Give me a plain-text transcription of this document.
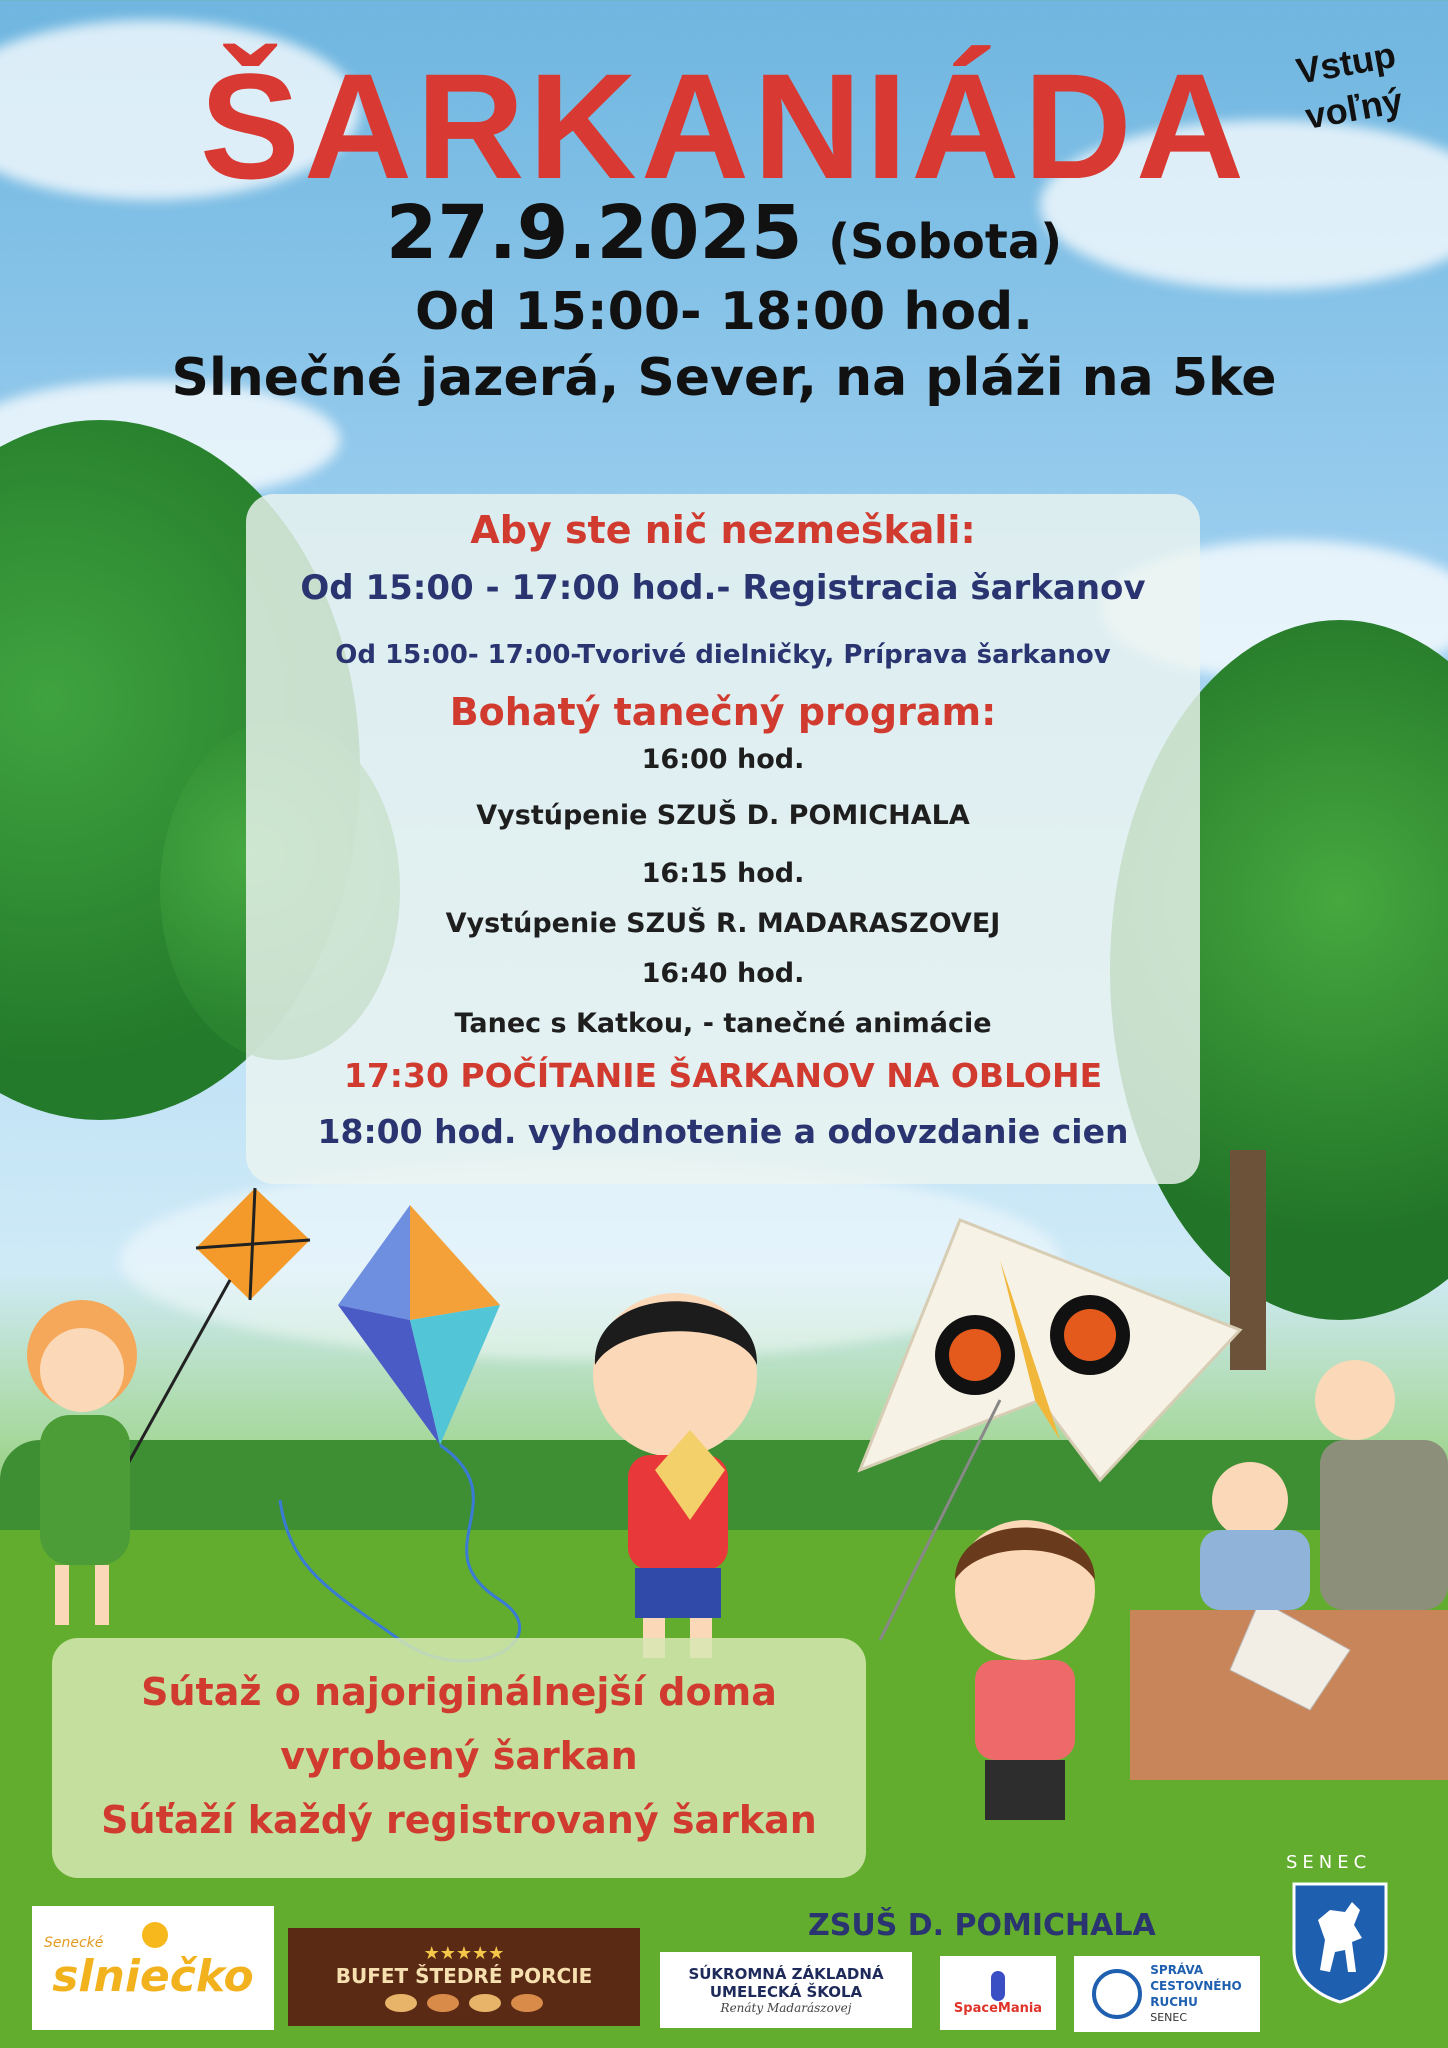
ŠARKANIÁDA	Vstup
voľný
27.9.2025 (Sobota)
Od 15:00- 18:00 hod.
Slnečné jazerá, Sever, na pláži na 5ke
Aby ste nič nezmeškali:
Od 15:00 - 17:00 hod.- Registracia šarkanov
Od 15:00- 17:00-Tvorivé dielničky, Príprava šarkanov
Bohatý tanečný program:
16:00 hod.
Vystúpenie SZUŠ D. POMICHALA
16:15 hod.
Vystúpenie SZUŠ R. MADARASZOVEJ
16:40 hod.
Tanec s Katkou, - tanečné animácie
17:30 POČÍTANIE ŠARKANOV NA OBLOHE
18:00 hod. vyhodnotenie a odovzdanie cien
Sútaž o najoriginálnejší doma
vyrobený šarkan
Súťaží každý registrovaný šarkan
Senecké
slniečko	★★★★★
BUFET ŠTEDRÉ PORCIE
ZSUŠ D. POMICHALA
SÚKROMNÁ ZÁKLADNÁ
UMELECKÁ ŠKOLA
Renáty Madarászovej	SpaceMania
SPRÁVA
CESTOVNÉHO
RUCHU
SENEC
SENEC
